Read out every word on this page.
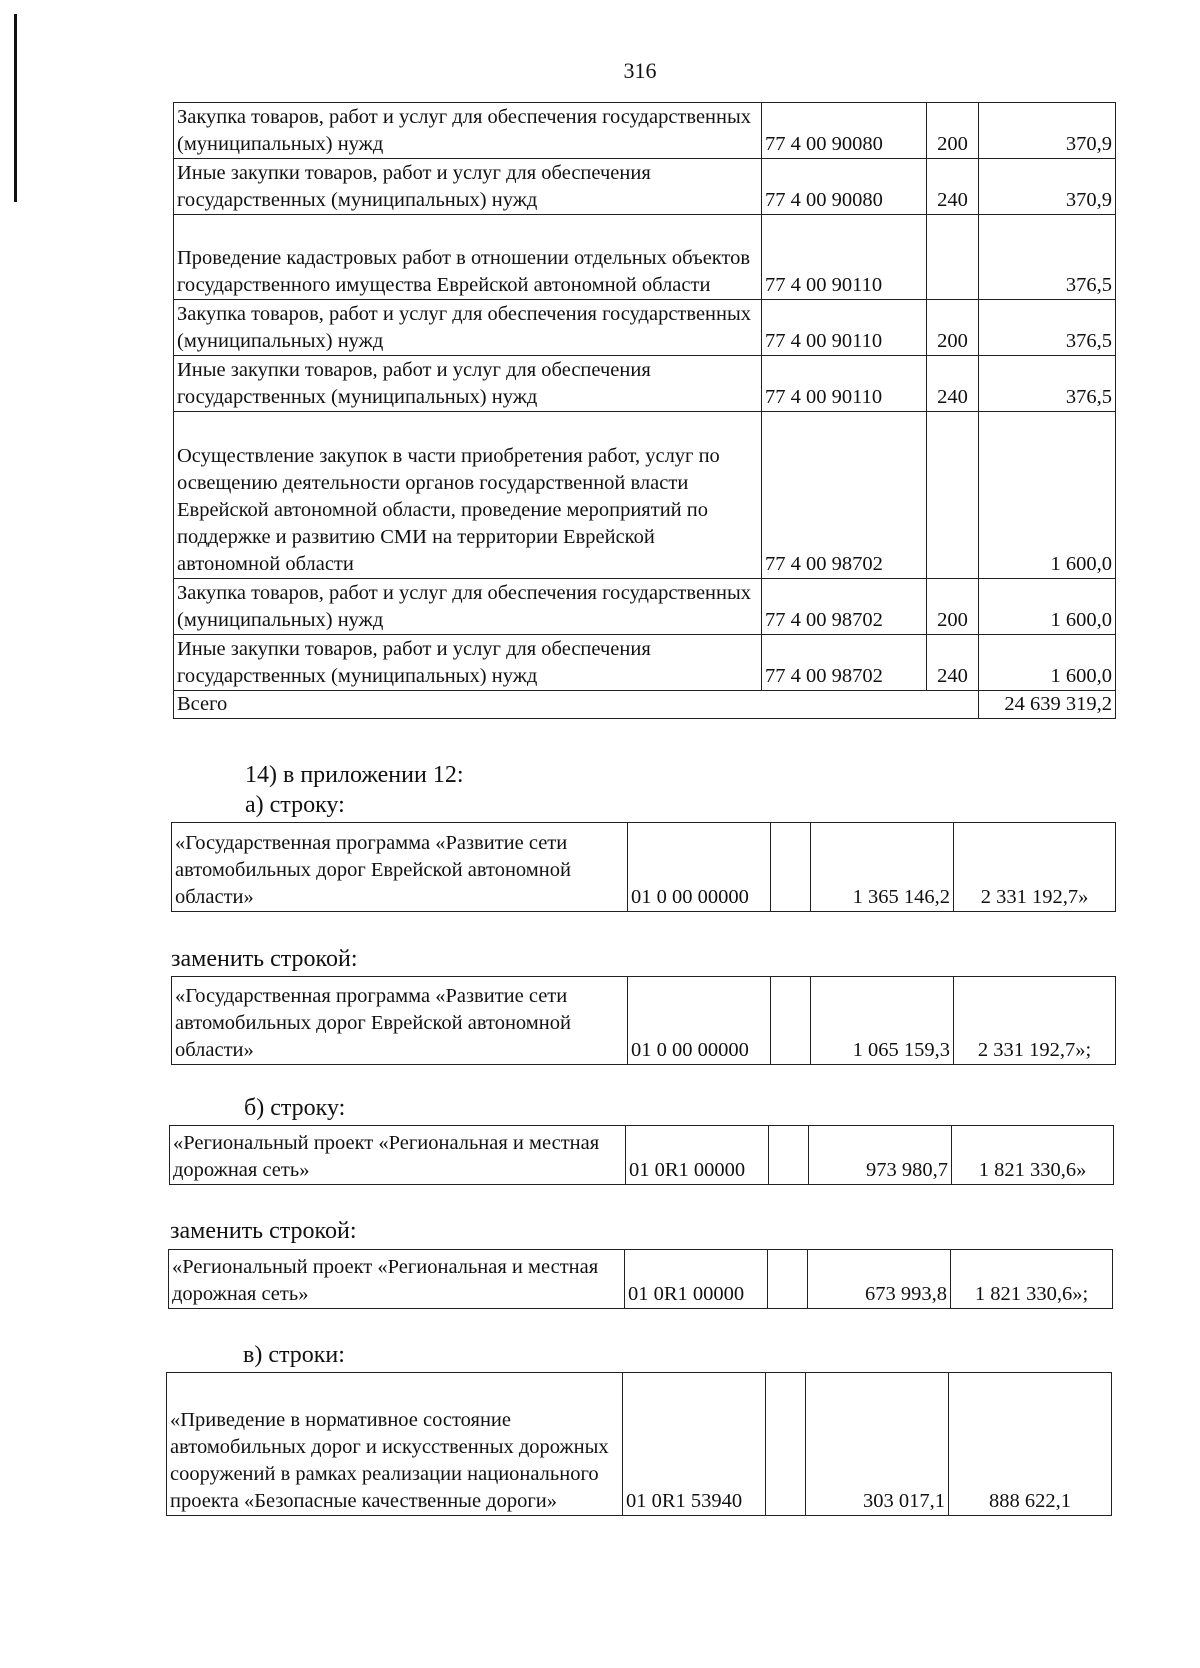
316
Закупка товаров, работ и услуг для обеспечения государственных (муниципальных) нужд	77 4 00 90080	200	370,9
Иные закупки товаров, работ и услуг для обеспечения государственных (муниципальных) нужд	77 4 00 90080	240	370,9
Проведение кадастровых работ в отношении отдельных объектов государственного имущества Еврейской автономной области	77 4 00 90110		376,5
Закупка товаров, работ и услуг для обеспечения государственных (муниципальных) нужд	77 4 00 90110	200	376,5
Иные закупки товаров, работ и услуг для обеспечения государственных (муниципальных) нужд	77 4 00 90110	240	376,5
Осуществление закупок в части приобретения работ, услуг по освещению деятельности органов государственной власти Еврейской автономной области, проведение мероприятий по поддержке и развитию СМИ на территории Еврейской автономной области	77 4 00 98702		1 600,0
Закупка товаров, работ и услуг для обеспечения государственных (муниципальных) нужд	77 4 00 98702	200	1 600,0
Иные закупки товаров, работ и услуг для обеспечения государственных (муниципальных) нужд	77 4 00 98702	240	1 600,0
Всего			24 639 319,2
14) в приложении 12:
а) строку:
«Государственная программа «Развитие сети автомобильных дорог Еврейской автономной области»	01 0 00 00000		1 365 146,2	2 331 192,7»
заменить строкой:
«Государственная программа «Развитие сети автомобильных дорог Еврейской автономной области»	01 0 00 00000		1 065 159,3	2 331 192,7»;
б) строку:
«Региональный проект «Региональная и местная дорожная сеть»	01 0R1 00000		973 980,7	1 821 330,6»
заменить строкой:
«Региональный проект «Региональная и местная дорожная сеть»	01 0R1 00000		673 993,8	1 821 330,6»;
в) строки:
«Приведение в нормативное состояние автомобильных дорог и искусственных дорожных сооружений в рамках реализации национального проекта «Безопасные качественные дороги»	01 0R1 53940		303 017,1	888 622,1
